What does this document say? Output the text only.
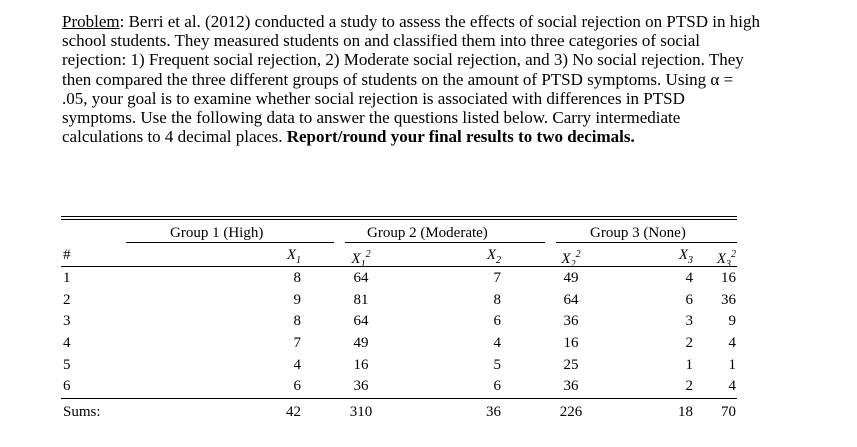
Problem: Berri et al. (2012) conducted a study to assess the effects of social rejection on PTSD in high school students. They measured students on and classified them into three categories of social rejection: 1) Frequent social rejection, 2) Moderate social rejection, and 3) No social rejection. They then compared the three different groups of students on the amount of PTSD symptoms. Using α = .05, your goal is to examine whether social rejection is associated with differences in PTSD symptoms. Use the following data to answer the questions listed below. Carry intermediate calculations to 4 decimal places. Report/round your final results to two decimals.
Group 1 (High)	Group 2 (Moderate)	Group 3 (None)
#	$X_1$	$X_1^2$	$X_2$	$X_2^2$	$X_3$	$X_3^2$
1	8	64	7	49	4	16
2	9	81	8	64	6	36
3	8	64	6	36	3	9
4	7	49	4	16	2	4
5	4	16	5	25	1	1
6	6	36	6	36	2	4
Sums:	42	310	36	226	18	70
